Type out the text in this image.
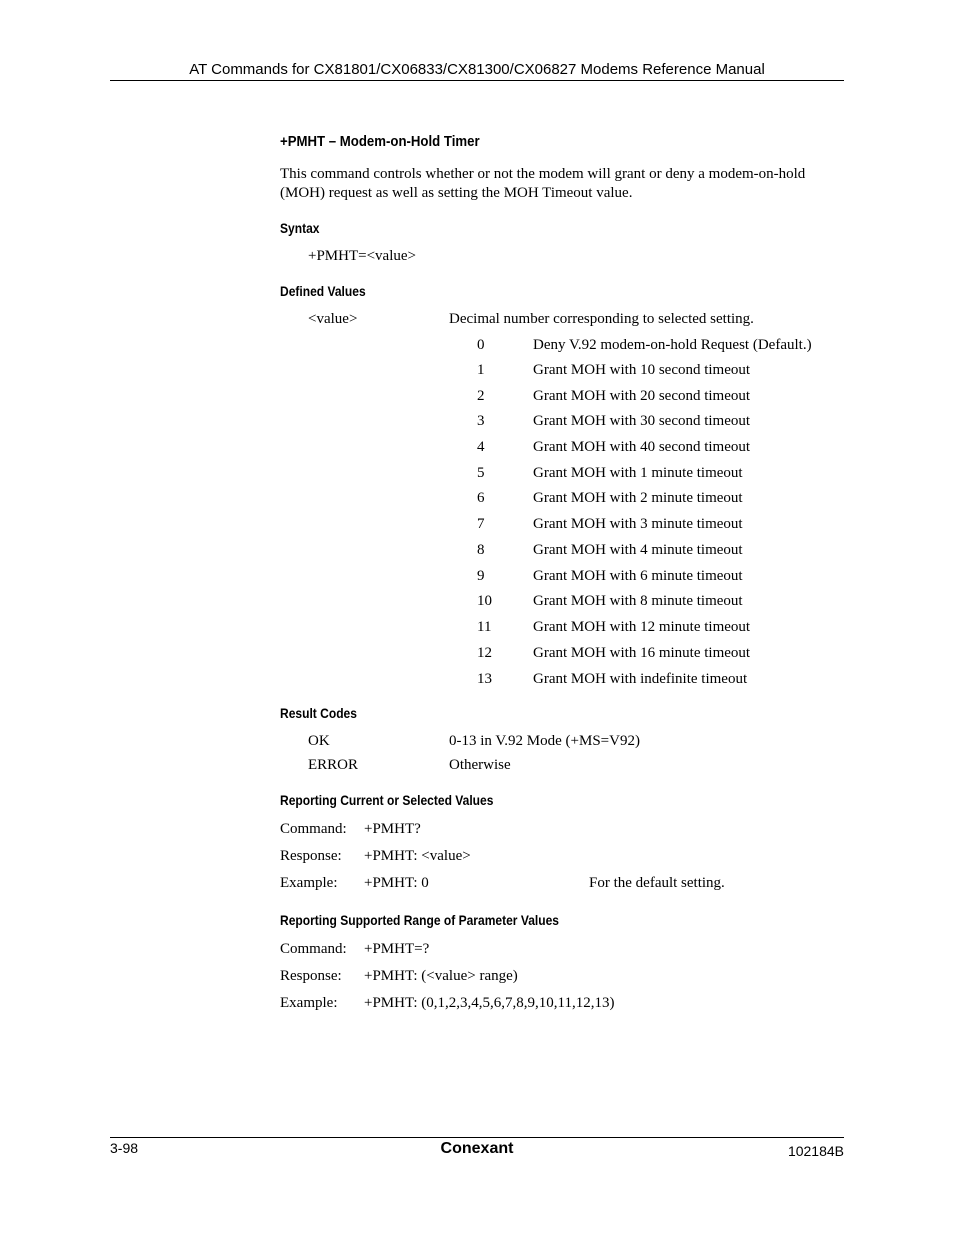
AT Commands for CX81801/CX06833/CX81300/CX06827 Modems Reference Manual
+PMHT – Modem-on-Hold Timer
This command controls whether or not the modem will grant or deny a modem-on-hold (MOH) request as well as setting the MOH Timeout value.
Syntax
+PMHT=<value>
Defined Values
<value>	Decimal number corresponding to selected setting.
0	Deny V.92 modem-on-hold Request (Default.)
1	Grant MOH with 10 second timeout
2	Grant MOH with 20 second timeout
3	Grant MOH with 30 second timeout
4	Grant MOH with 40 second timeout
5	Grant MOH with 1 minute timeout
6	Grant MOH with 2 minute timeout
7	Grant MOH with 3 minute timeout
8	Grant MOH with 4 minute timeout
9	Grant MOH with 6 minute timeout
10	Grant MOH with 8 minute timeout
11	Grant MOH with 12 minute timeout
12	Grant MOH with 16 minute timeout
13	Grant MOH with indefinite timeout
Result Codes
OK	0-13 in V.92 Mode (+MS=V92)
ERROR	Otherwise
Reporting Current or Selected Values
Command: +PMHT?
Response: +PMHT: <value>
Example: +PMHT: 0	For the default setting.
Reporting Supported Range of Parameter Values
Command: +PMHT=?
Response: +PMHT: (<value> range)
Example: +PMHT: (0,1,2,3,4,5,6,7,8,9,10,11,12,13)
3-98	Conexant	102184B
